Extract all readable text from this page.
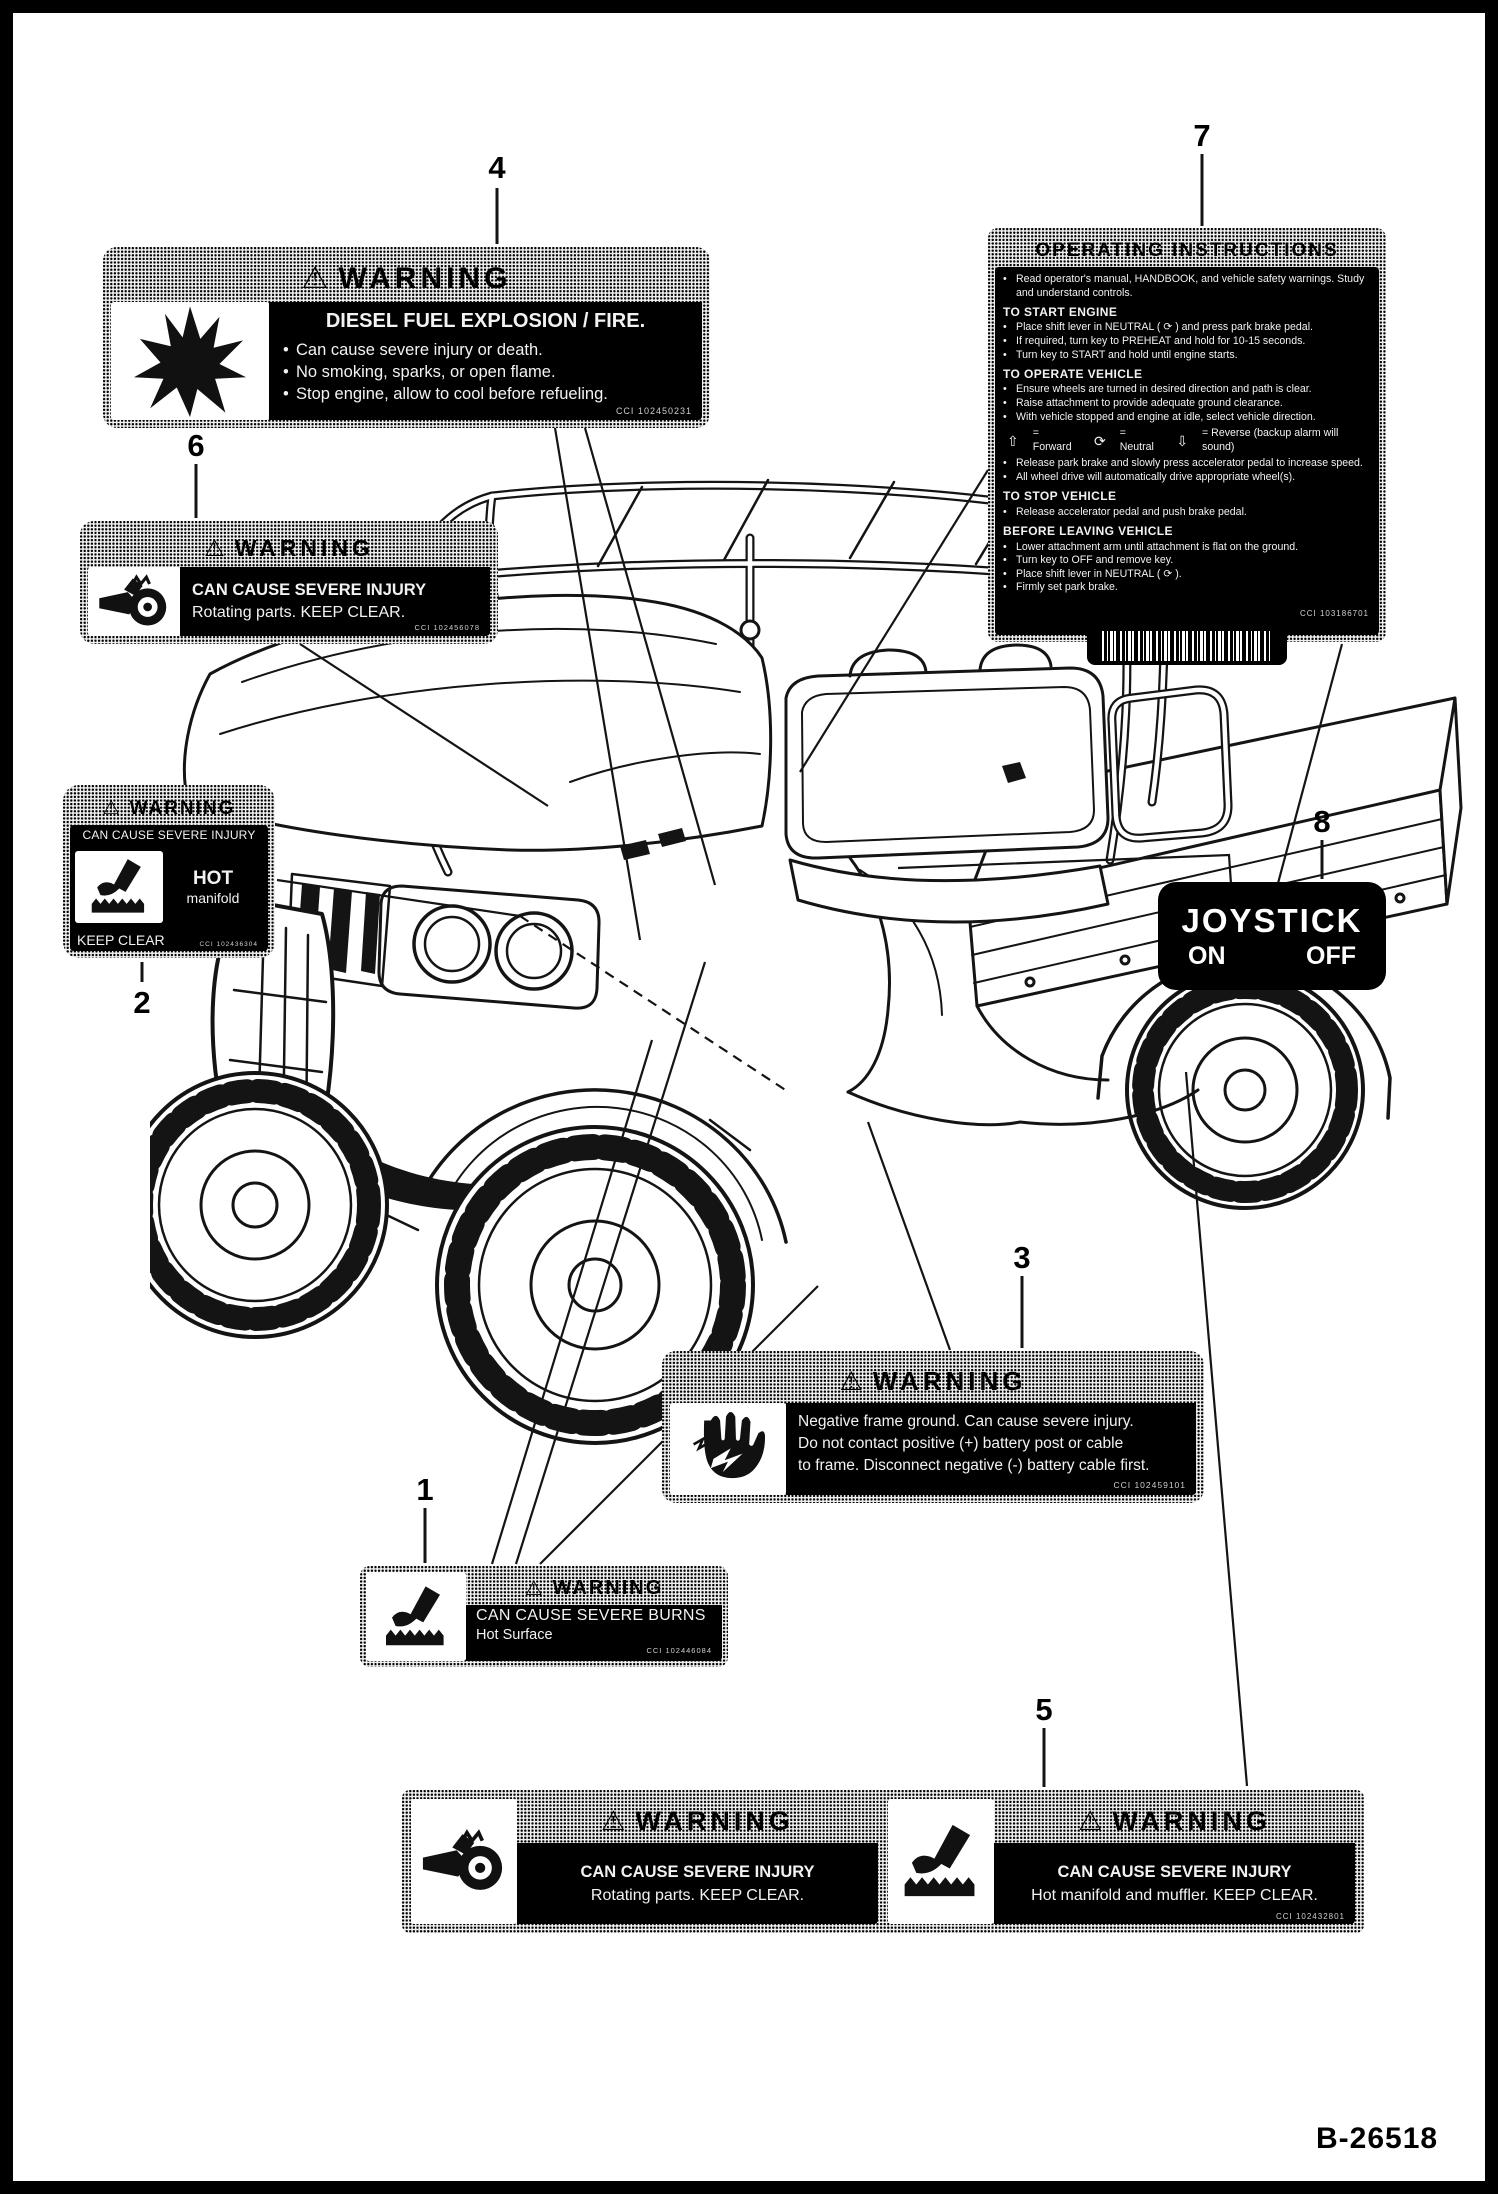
4
6
2
7
8
3
1
5
⚠ WARNING
DIESEL FUEL EXPLOSION / FIRE.
• Can cause severe injury or death.
• No smoking, sparks, or open flame.
• Stop engine, allow to cool before refueling.
CCI 102450231
⚠ WARNING
CAN CAUSE SEVERE INJURY
Rotating parts. KEEP CLEAR.
CCI 102456078
⚠ WARNING
CAN CAUSE SEVERE INJURY
HOT
manifold
KEEP CLEAR	CCI 102436304
OPERATING INSTRUCTIONS
• Read operator's manual, HANDBOOK, and vehicle safety warnings. Study and understand controls.
TO START ENGINE
• Place shift lever in NEUTRAL ( ⟳ ) and press park brake pedal.
• If required, turn key to PREHEAT and hold for 10-15 seconds.
• Turn key to START and hold until engine starts.
TO OPERATE VEHICLE
• Ensure wheels are turned in desired direction and path is clear.
• Raise attachment to provide adequate ground clearance.
• With vehicle stopped and engine at idle, select vehicle direction.
⇧ = Forward	⟳ = Neutral	⇩ = Reverse (backup alarm will sound)
• Release park brake and slowly press accelerator pedal to increase speed.
• All wheel drive will automatically drive appropriate wheel(s).
TO STOP VEHICLE
• Release accelerator pedal and push brake pedal.
BEFORE LEAVING VEHICLE
• Lower attachment arm until attachment is flat on the ground.
• Turn key to OFF and remove key.
• Place shift lever in NEUTRAL ( ⟳ ).
• Firmly set park brake.
CCI 103186701
JOYSTICK
ON	OFF
⚠ WARNING
Negative frame ground. Can cause severe injury.
Do not contact positive (+) battery post or cable
to frame. Disconnect negative (-) battery cable first.
CCI 102459101
⚠ WARNING
CAN CAUSE SEVERE BURNS
Hot Surface
CCI 102446084
⚠ WARNING
CAN CAUSE SEVERE INJURY
Rotating parts. KEEP CLEAR.
⚠ WARNING
CAN CAUSE SEVERE INJURY
Hot manifold and muffler. KEEP CLEAR.
CCI 102432801
B-26518
